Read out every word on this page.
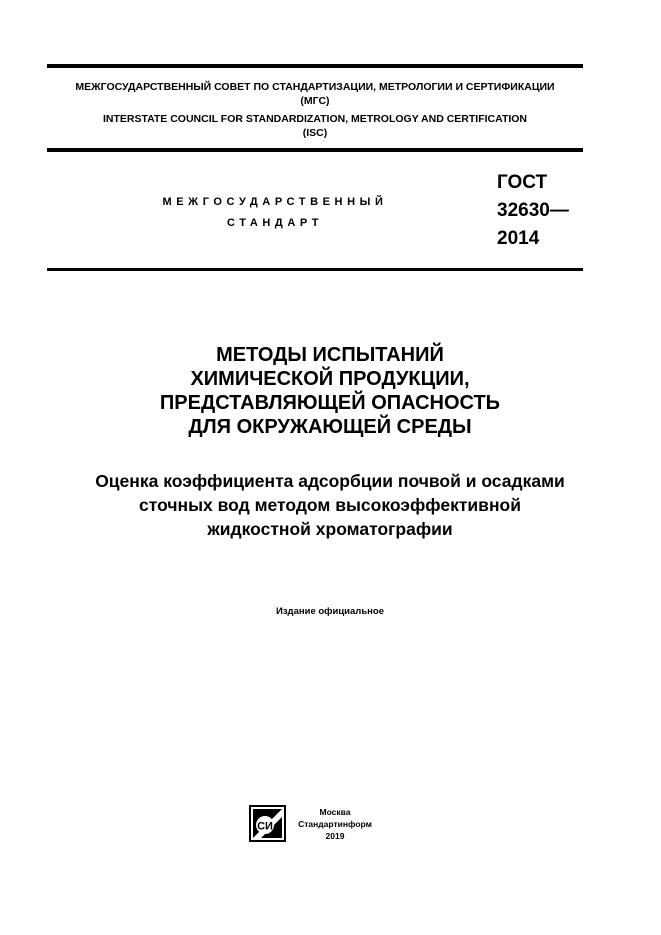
МЕЖГОСУДАРСТВЕННЫЙ СОВЕТ ПО СТАНДАРТИЗАЦИИ, МЕТРОЛОГИИ И СЕРТИФИКАЦИИ
(МГС)
INTERSTATE COUNCIL FOR STANDARDIZATION, METROLOGY AND CERTIFICATION
(ISC)
МЕЖГОСУДАРСТВЕННЫЙ
СТАНДАРТ
ГОСТ
32630—
2014
МЕТОДЫ ИСПЫТАНИЙ
ХИМИЧЕСКОЙ ПРОДУКЦИИ,
ПРЕДСТАВЛЯЮЩЕЙ ОПАСНОСТЬ
ДЛЯ ОКРУЖАЮЩЕЙ СРЕДЫ
Оценка коэффициента адсорбции почвой и осадками
сточных вод методом высокоэффективной
жидкостной хроматографии
Издание официальное
СИ
Москва
Стандартинформ
2019
